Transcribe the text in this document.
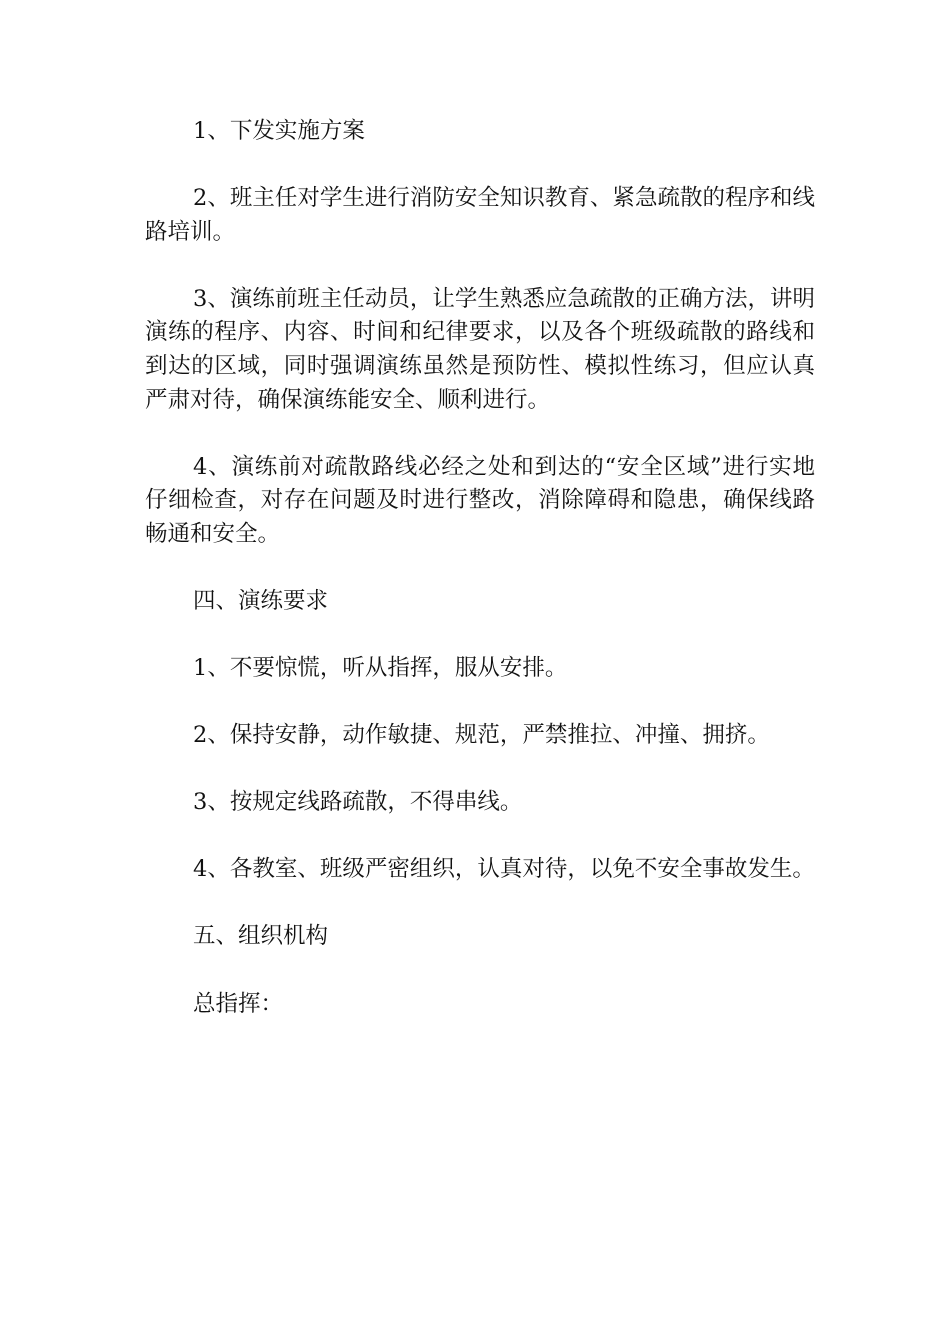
1、下发实施方案

2、班主任对学生进行消防安全知识教育、紧急疏散的程序和线路培训。

3、演练前班主任动员，让学生熟悉应急疏散的正确方法，讲明演练的程序、内容、时间和纪律要求，以及各个班级疏散的路线和到达的区域，同时强调演练虽然是预防性、模拟性练习，但应认真严肃对待，确保演练能安全、顺利进行。

4、演练前对疏散路线必经之处和到达的“安全区域”进行实地仔细检查，对存在问题及时进行整改，消除障碍和隐患，确保线路畅通和安全。

四、演练要求

1、不要惊慌，听从指挥，服从安排。

2、保持安静，动作敏捷、规范，严禁推拉、冲撞、拥挤。

3、按规定线路疏散，不得串线。

4、各教室、班级严密组织，认真对待，以免不安全事故发生。

五、组织机构

总指挥：
